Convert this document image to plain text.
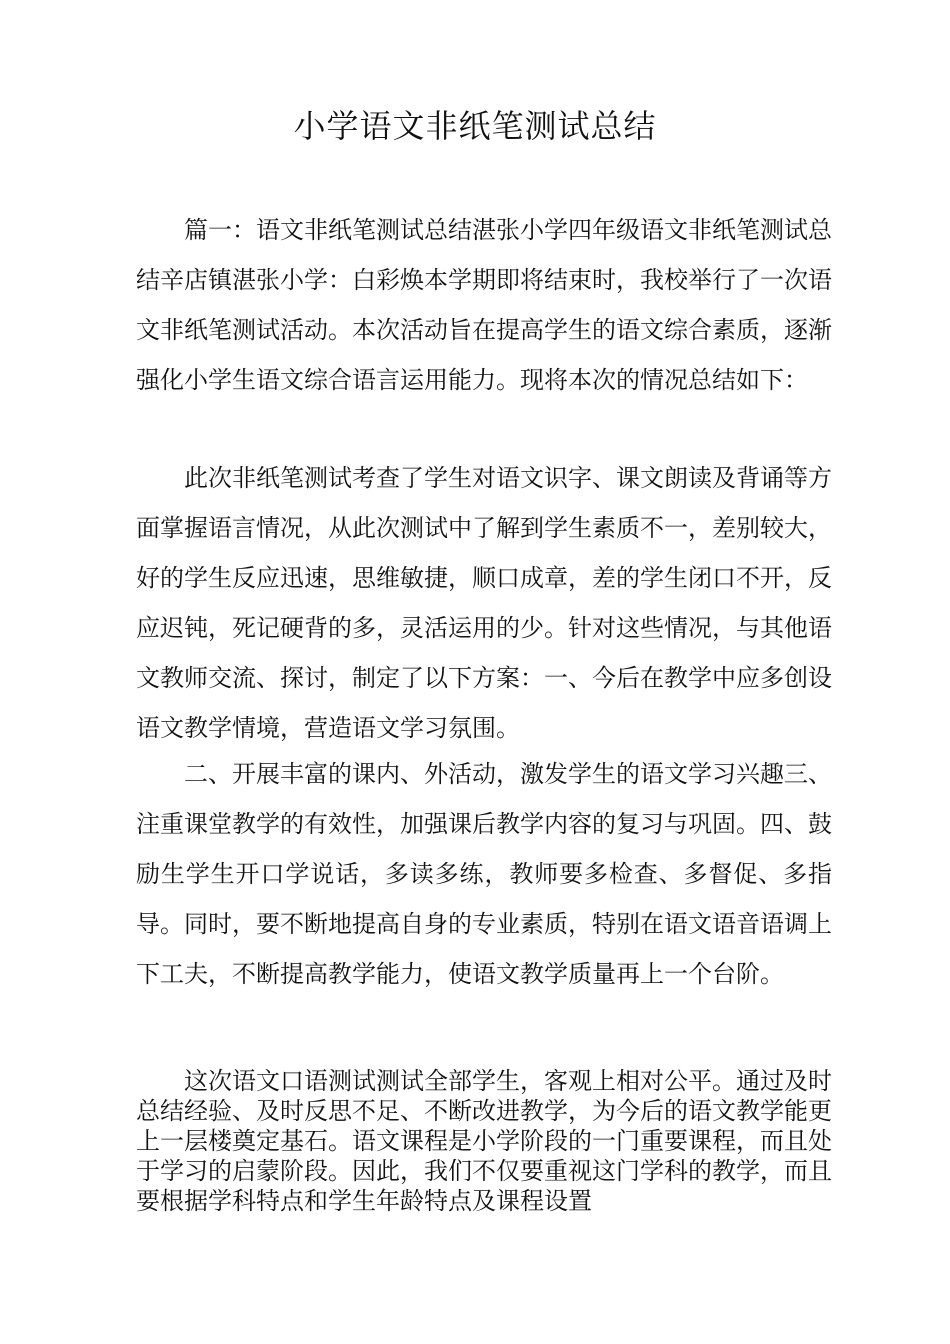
小学语文非纸笔测试总结

篇一：语文非纸笔测试总结湛张小学四年级语文非纸笔测试总结辛店镇湛张小学：白彩焕本学期即将结束时，我校举行了一次语文非纸笔测试活动。本次活动旨在提高学生的语文综合素质，逐渐强化小学生语文综合语言运用能力。现将本次的情况总结如下：

此次非纸笔测试考查了学生对语文识字、课文朗读及背诵等方面掌握语言情况，从此次测试中了解到学生素质不一，差别较大，好的学生反应迅速，思维敏捷，顺口成章，差的学生闭口不开，反应迟钝，死记硬背的多，灵活运用的少。针对这些情况，与其他语文教师交流、探讨，制定了以下方案：一、今后在教学中应多创设语文教学情境，营造语文学习氛围。

二、开展丰富的课内、外活动，激发学生的语文学习兴趣三、注重课堂教学的有效性，加强课后教学内容的复习与巩固。四、鼓励生学生开口学说话，多读多练，教师要多检查、多督促、多指导。同时，要不断地提高自身的专业素质，特别在语文语音语调上下工夫，不断提高教学能力，使语文教学质量再上一个台阶。

这次语文口语测试测试全部学生，客观上相对公平。通过及时总结经验、及时反思不足、不断改进教学，为今后的语文教学能更上一层楼奠定基石。语文课程是小学阶段的一门重要课程，而且处于学习的启蒙阶段。因此，我们不仅要重视这门学科的教学，而且要根据学科特点和学生年龄特点及课程设置
